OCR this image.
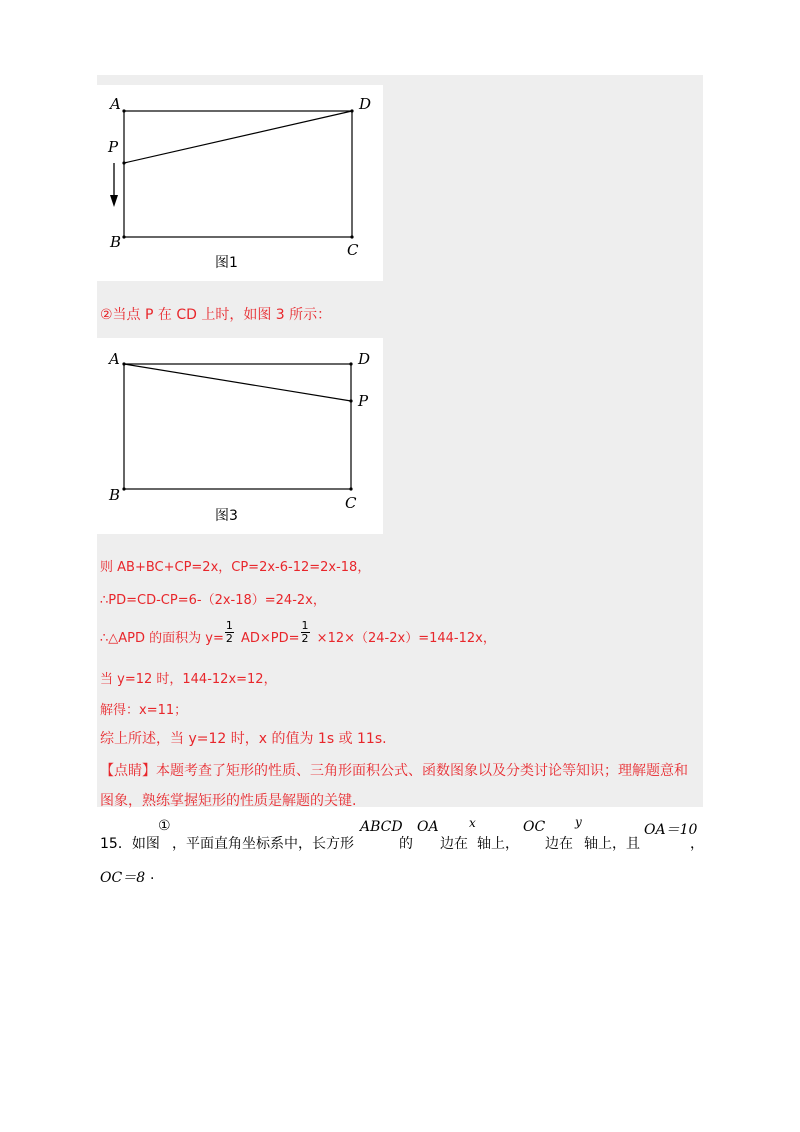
A	D
P
B	C
图1
②当点 P 在 CD 上时，如图 3 所示：
A	D
P
B	C
图3
则 AB+BC+CP=2x，CP=2x-6-12=2x-18，
∴PD=CD-CP=6-（2x-18）=24-2x，
∴△APD 的面积为 $y= \frac{1}{2} AD\times PD= \frac{1}{2} \times 12\times(24-2x)=144-12x$，
当 y=12 时，144-12x=12，
解得：x=11；
综上所述，当 y=12 时，x 的值为 1s 或 11s.
【点睛】本题考查了矩形的性质、三角形面积公式、函数图象以及分类讨论等知识；理解题意和
图象，熟练掌握矩形的性质是解题的关键.
15．如图
①
，平面直角坐标系中，长方形
ABCD
的
OA
边在
x
轴上，
OC
边在
y
轴上，且
OA＝10
，
OC＝8 .
